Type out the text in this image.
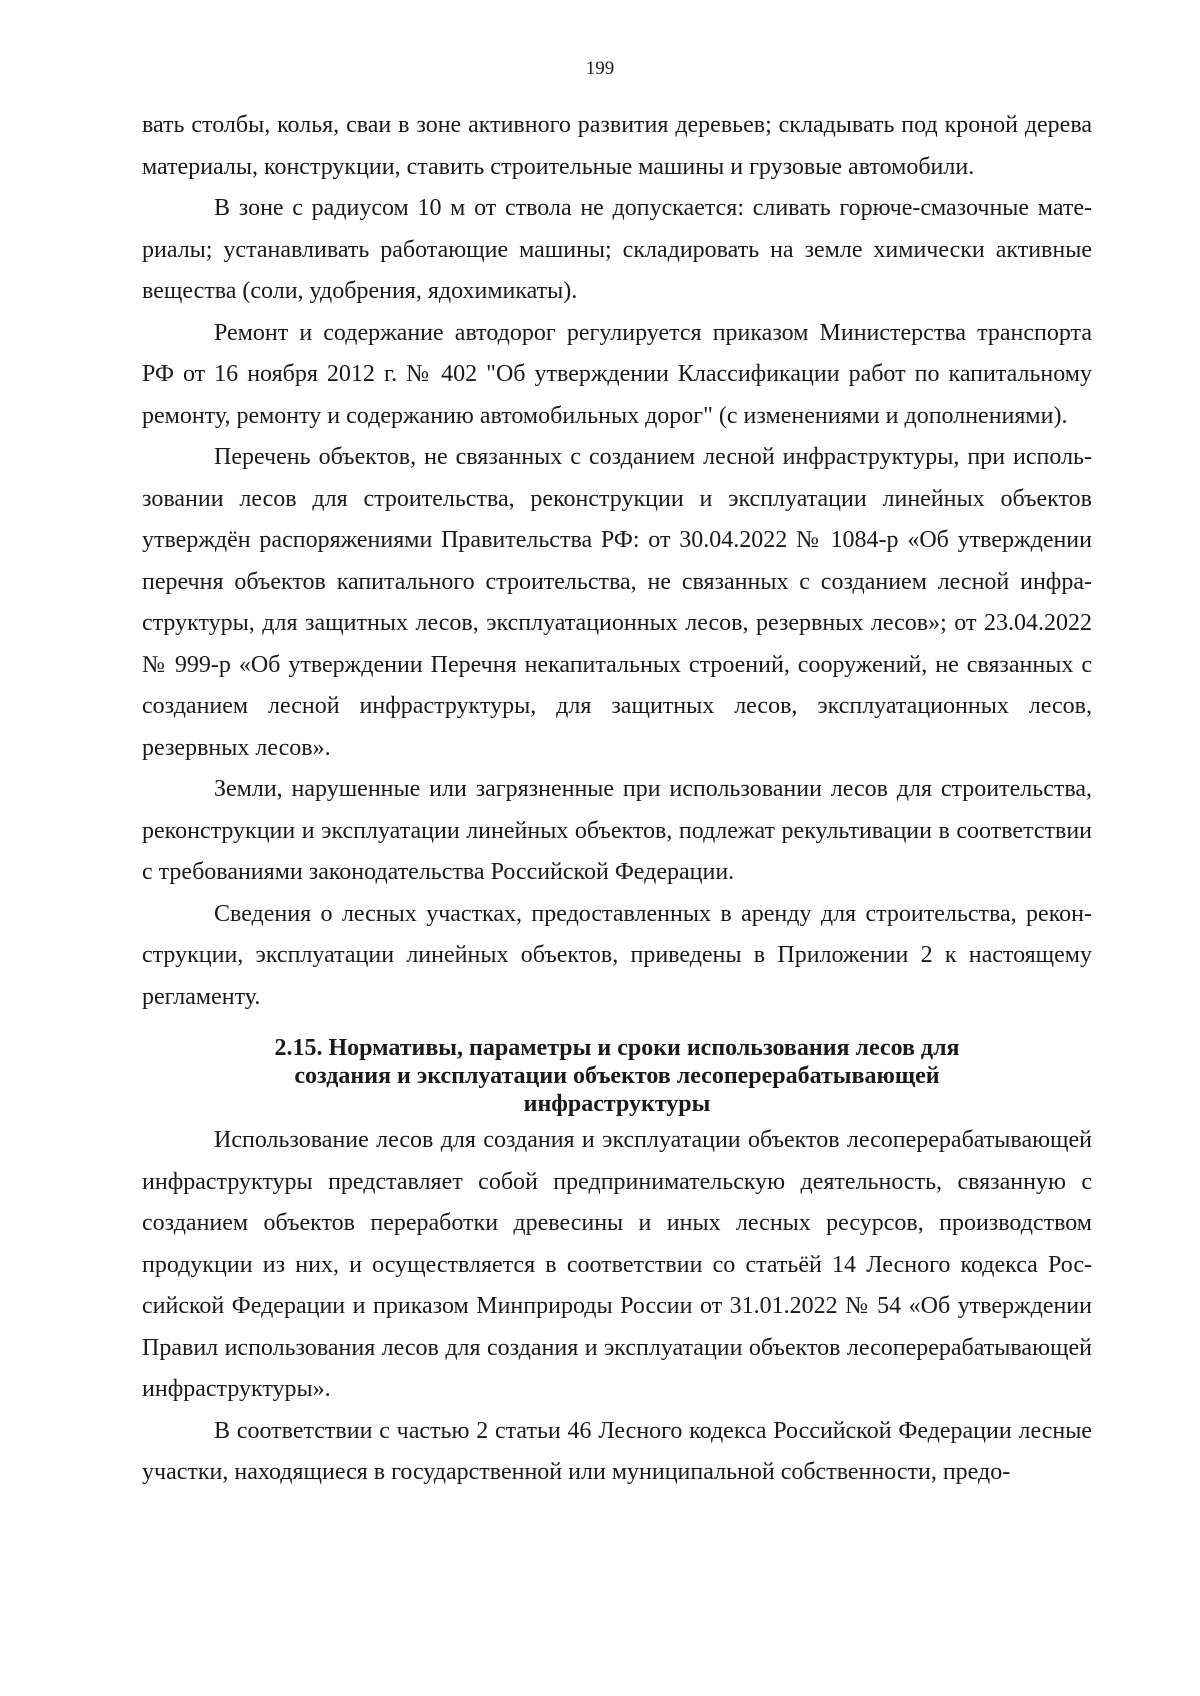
199

вать столбы, колья, сваи в зоне активного развития деревьев; складывать под кроной дерева материалы, конструкции, ставить строительные машины и грузовые автомобили.

В зоне с радиусом 10 м от ствола не допускается: сливать горюче-смазочные материалы; устанавливать работающие машины; складировать на земле химически активные вещества (соли, удобрения, ядохимикаты).

Ремонт и содержание автодорог регулируется приказом Министерства транспорта РФ от 16 ноября 2012 г. № 402 "Об утверждении Классификации работ по капитальному ремонту, ремонту и содержанию автомобильных дорог" (с изменениями и дополнениями).

Перечень объектов, не связанных с созданием лесной инфраструктуры, при использовании лесов для строительства, реконструкции и эксплуатации линейных объектов утверждён распоряжениями Правительства РФ: от 30.04.2022 № 1084-р «Об утверждении перечня объектов капитального строительства, не связанных с созданием лесной инфраструктуры, для защитных лесов, эксплуатационных лесов, резервных лесов»; от 23.04.2022 № 999-р «Об утверждении Перечня некапитальных строений, сооружений, не связанных с созданием лесной инфраструктуры, для защитных лесов, эксплуатационных лесов, резервных лесов».

Земли, нарушенные или загрязненные при использовании лесов для строительства, реконструкции и эксплуатации линейных объектов, подлежат рекультивации в соответствии с требованиями законодательства Российской Федерации.

Сведения о лесных участках, предоставленных в аренду для строительства, реконструкции, эксплуатации линейных объектов, приведены в Приложении 2 к настоящему регламенту.

2.15. Нормативы, параметры и сроки использования лесов для
создания и эксплуатации объектов лесоперерабатывающей
инфраструктуры

Использование лесов для создания и эксплуатации объектов лесоперерабатывающей инфраструктуры представляет собой предпринимательскую деятельность, связанную с созданием объектов переработки древесины и иных лесных ресурсов, производством продукции из них, и осуществляется в соответствии со статьёй 14 Лесного кодекса Российской Федерации и приказом Минприроды России от 31.01.2022 № 54 «Об утверждении Правил использования лесов для создания и эксплуатации объектов лесоперерабатывающей инфраструктуры».

В соответствии с частью 2 статьи 46 Лесного кодекса Российской Федерации лесные участки, находящиеся в государственной или муниципальной собственности, предо-
